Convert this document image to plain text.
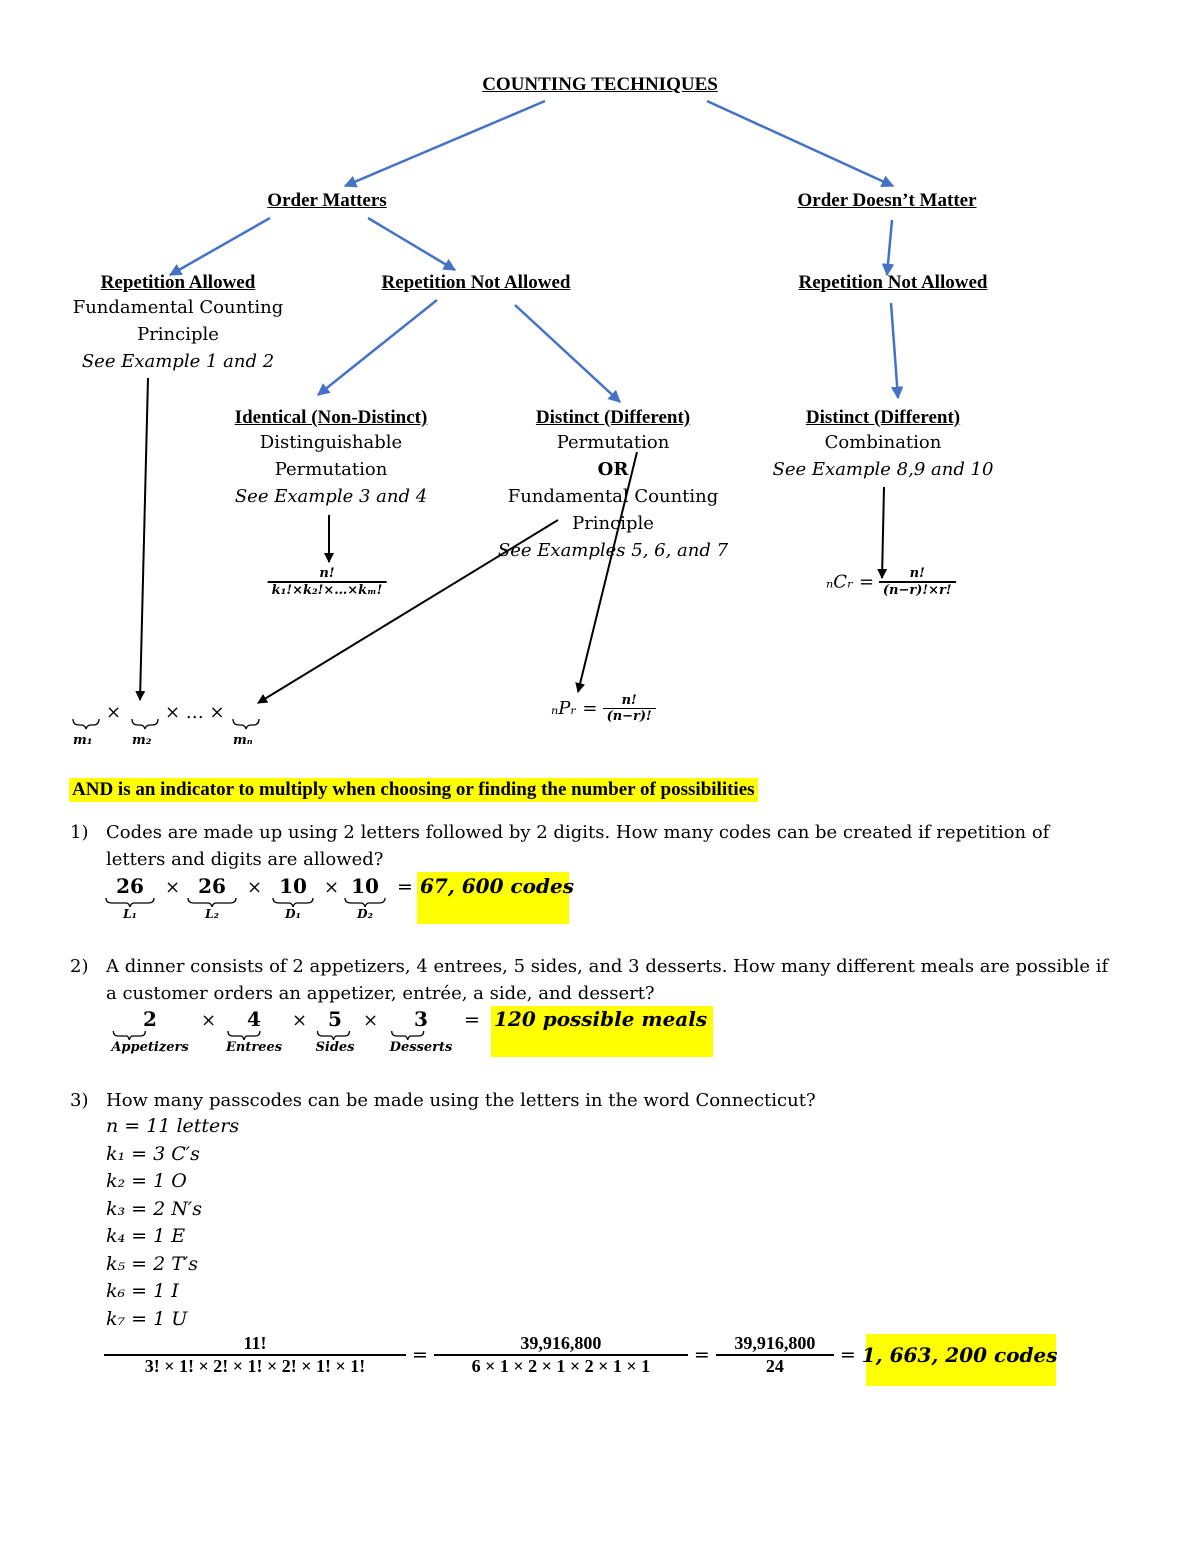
COUNTING TECHNIQUES
Order Matters	Order Doesn’t Matter
Repetition Allowed
Fundamental Counting
Principle
See Example 1 and 2
Repetition Not Allowed	Repetition Not Allowed
Identical (Non-Distinct)
Distinguishable
Permutation
See Example 3 and 4
Distinct (Different)
Permutation
OR
Fundamental Counting
Principle
See Examples 5, 6, and 7
Distinct (Different)
Combination
See Example 8,9 and 10
$\frac{n!}{\text{k₁!×k₂!×…×kₘ!}}$	ₙCᵣ = $\frac{n!}{(n-r)!\times r!}$
ₙPᵣ = $\frac{n!}{(n-r)!}$
× × … ×
m₁	m₂	mₙ
AND is an indicator to multiply when choosing or finding the number of possibilities
1) Codes are made up using 2 letters followed by 2 digits. How many codes can be created if repetition of
letters and digits are allowed?
26
L₁
× 26
L₂
× 10
D₁
× 10
D₂
= 67, 600 codes
2) A dinner consists of 2 appetizers, 4 entrees, 5 sides, and 3 desserts. How many different meals are possible if
a customer orders an appetizer, entrée, a side, and dessert?
2
Appetizers
×	4
Entrees
×	5
Sides
×	3
Desserts
= 120 possible meals
3) How many passcodes can be made using the letters in the word Connecticut?
n = 11 letters
k₁ = 3 C′s
k₂ = 1 O
k₃ = 2 N′s
k₄ = 1 E
k₅ = 2 T′s
k₆ = 1 I
k₇ = 1 U
$\frac{11!}{3! \times 1! \times 2! \times 1! \times 2! \times 1! \times 1!} = \frac{39,916,800}{6 \times 1 \times 2 \times 1 \times 2 \times 1 \times 1} = \frac{39,916,800}{24} = 1$, 663, 200 codes
